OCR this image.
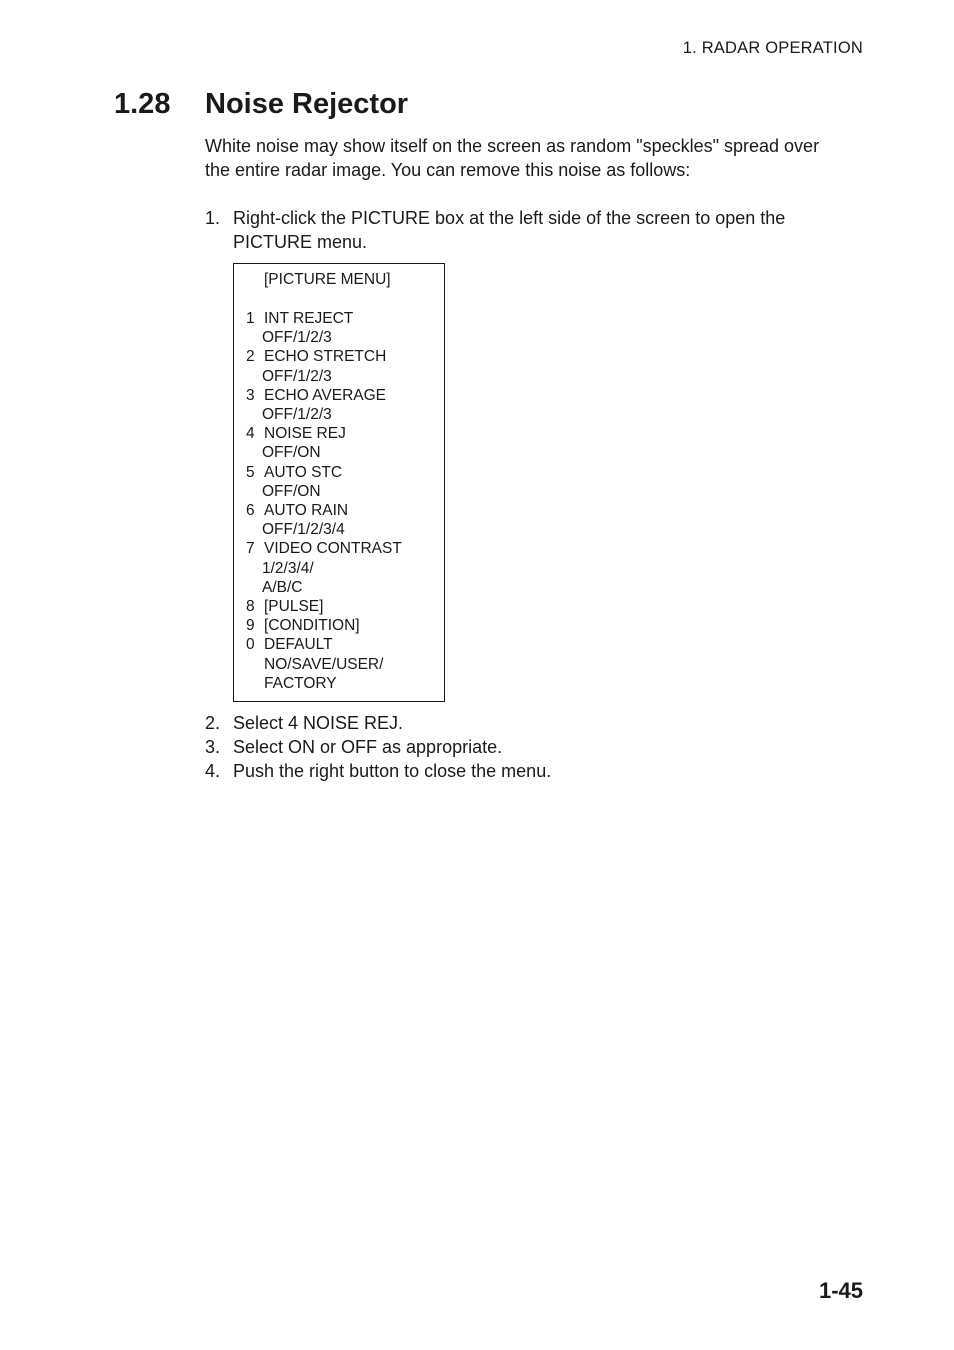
1. RADAR OPERATION
1.28 Noise Rejector

White noise may show itself on the screen as random "speckles" spread over the entire radar image. You can remove this noise as follows:

1. Right-click the PICTURE box at the left side of the screen to open the PICTURE menu.
[PICTURE MENU]
1 INT REJECT
OFF/1/2/3
2 ECHO STRETCH
OFF/1/2/3
3 ECHO AVERAGE
OFF/1/2/3
4 NOISE REJ
OFF/ON
5 AUTO STC
OFF/ON
6 AUTO RAIN
OFF/1/2/3/4
7 VIDEO CONTRAST
1/2/3/4/
A/B/C
8 [PULSE]
9 [CONDITION]
0 DEFAULT
NO/SAVE/USER/
FACTORY
2. Select 4 NOISE REJ.
3. Select ON or OFF as appropriate.
4. Push the right button to close the menu.
1-45
